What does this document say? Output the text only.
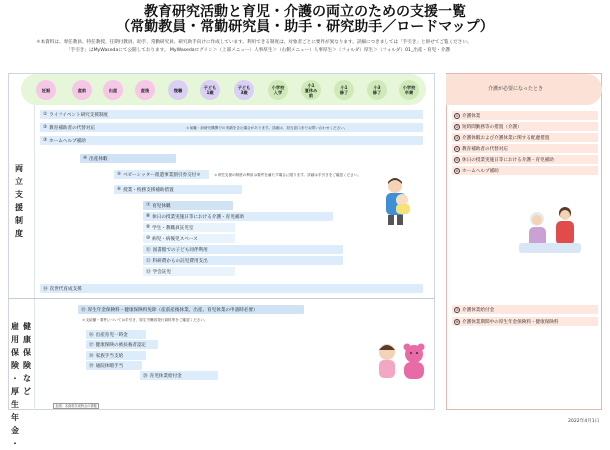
教育研究活動と育児・介護の両立のための支援一覧
（常勤教員・常勤研究員・助手・研究助手／ロードマップ）
＊本資料は、専任教員、特任教授、任期付教員、助手、常勤研究員、研究助手向けに作成しています。利用できる制度は、対象者ごとに要件が異なります。詳細につきましては「手引き」と併せてご覧ください。
「手引き」はMyWasedaにて公開しております。 MyWasedaログイン＞（上部メニュー）人事厚生＞（右側メニュー）人事厚生＞（フォルダ）厚生＞（フォルダ）01_出産・育児・介護
妊娠	産前	出産	産後	復職	子ども
1歳
子ども
3歳
小学校
入学
小1
夏休み
前
小1
修了
小3
修了
小学校
卒業
介護が必要になったとき
両
立
支
援
制
度
雇
用
保
険
・
厚
生
年
金
・
健
康
保
険
な
ど
① ライフイベント研究支援制度
② 教育補助者の代替対応	＊前職・前研究機関での実績を含む場合があります。詳細は、担当窓口までお問い合わせください。
③ ホームヘルプ補助
④ 出産休暇
⑤ ベビーシッター派遣事業割引券交付＊	＊育児支援の制度の利用は要件を満たす場合に限ります。詳細は手引きをご確認ください。
⑥ 授業・校務支援補助措置
⑦ 育児休職
⑧ 休日の授業実施日等における介護・育児補助
⑨ 学生・教職員託児室
⑩ 病児・病後児スペース
⑪ 図書館での子ども同伴利用
⑫ 科研費からの託児費用支出
⑬ 学会託児
⑭ 次世代育成支援
⑮ 厚生年金保険料・健康保険料免除（産前産後休業、出産、育児休業の申請時必要）
＊支給額・要件については手引き、厚生労働省発行資料等をご確認ください。
⑯ 出産育児一時金
⑰ 健康保険の被扶養者認定
⑱ 家族手当支給
⑲ 通院休暇手当
⑳ 育児休業給付金
① 介護休業
② 短時間勤務等の措置（介護）
③ 介護休暇および介護休業に関する配慮措置
④ 教育補助者の代替対応
⑤ 休日の授業実施日等における介護・育児補助
⑥ ホームヘルプ補助
⑦ 介護休業給付金
⑧ 介護休業期間中の厚生年金保険料・健康保険料
参照：本資料作成時点の情報
2022年4月1日
